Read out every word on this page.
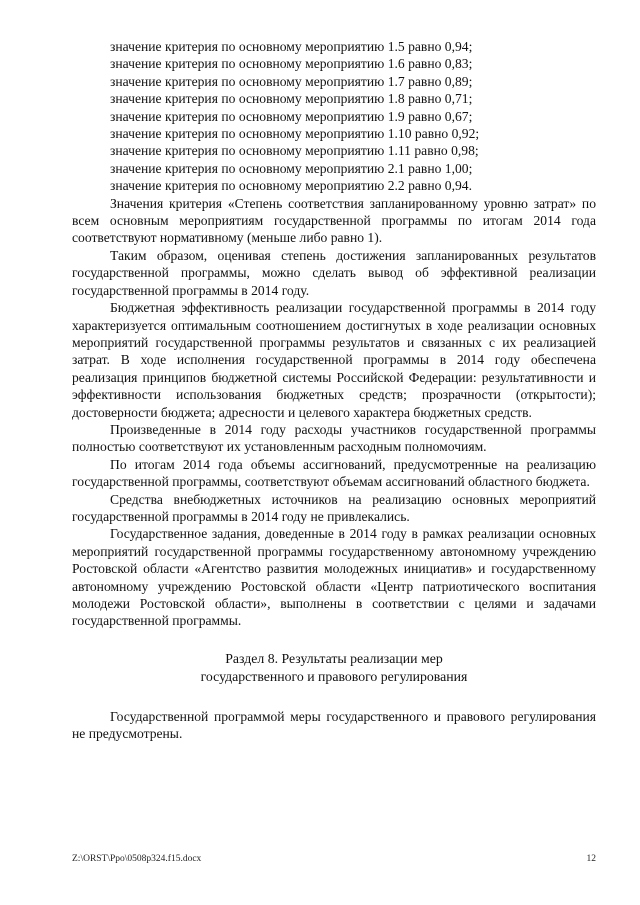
значение критерия по основному мероприятию 1.5 равно 0,94;
значение критерия по основному мероприятию 1.6 равно 0,83;
значение критерия по основному мероприятию 1.7 равно 0,89;
значение критерия по основному мероприятию 1.8 равно 0,71;
значение критерия по основному мероприятию 1.9 равно 0,67;
значение критерия по основному мероприятию 1.10 равно 0,92;
значение критерия по основному мероприятию 1.11 равно 0,98;
значение критерия по основному мероприятию 2.1 равно 1,00;
значение критерия по основному мероприятию 2.2 равно 0,94.

Значения критерия «Степень соответствия запланированному уровню затрат» по всем основным мероприятиям государственной программы по итогам 2014 года соответствуют нормативному (меньше либо равно 1).

Таким образом, оценивая степень достижения запланированных результатов государственной программы, можно сделать вывод об эффективной реализации государственной программы в 2014 году.

Бюджетная эффективность реализации государственной программы в 2014 году характеризуется оптимальным соотношением достигнутых в ходе реализации основных мероприятий государственной программы результатов и связанных с их реализацией затрат. В ходе исполнения государственной программы в 2014 году обеспечена реализация принципов бюджетной системы Российской Федерации: результативности и эффективности использования бюджетных средств; прозрачности (открытости); достоверности бюджета; адресности и целевого характера бюджетных средств.

Произведенные в 2014 году расходы участников государственной программы полностью соответствуют их установленным расходным полномочиям.

По итогам 2014 года объемы ассигнований, предусмотренные на реализацию государственной программы, соответствуют объемам ассигнований областного бюджета.

Средства внебюджетных источников на реализацию основных мероприятий государственной программы в 2014 году не привлекались.

Государственное задания, доведенные в 2014 году в рамках реализации основных мероприятий государственной программы государственному автономному учреждению Ростовской области «Агентство развития молодежных инициатив» и государственному автономному учреждению Ростовской области «Центр патриотического воспитания молодежи Ростовской области», выполнены в соответствии с целями и задачами государственной программы.

Раздел 8. Результаты реализации мер
государственного и правового регулирования

Государственной программой меры государственного и правового регулирования не предусмотрены.

Z:\ORST\Ppo\0508p324.f15.docx	12
